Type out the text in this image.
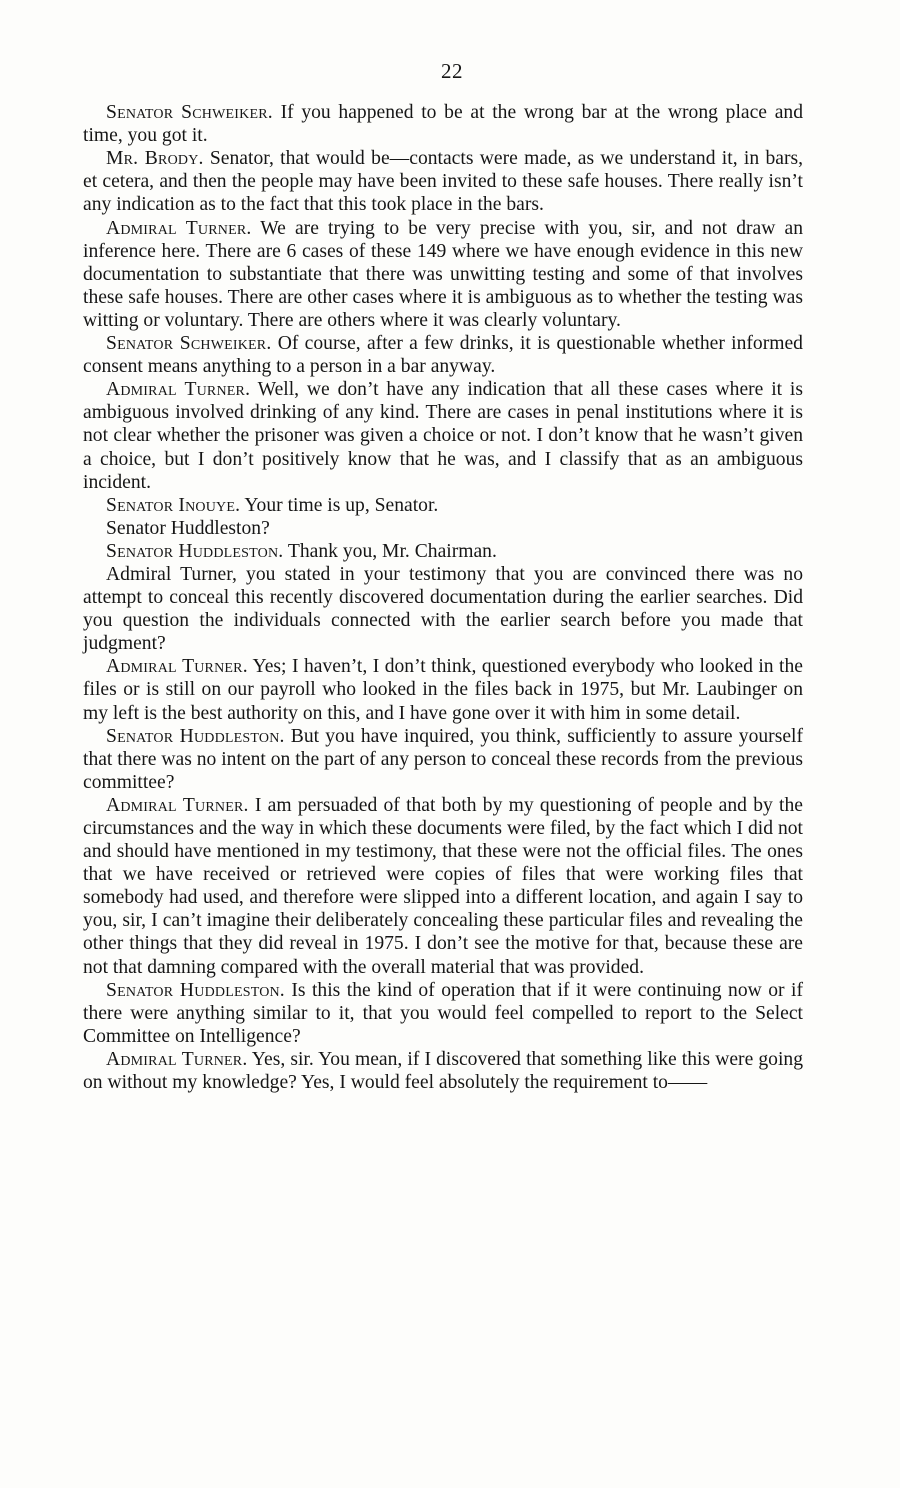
22

Senator Schweiker. If you happened to be at the wrong bar at the wrong place and time, you got it.

Mr. Brody. Senator, that would be—contacts were made, as we understand it, in bars, et cetera, and then the people may have been invited to these safe houses. There really isn’t any indication as to the fact that this took place in the bars.

Admiral Turner. We are trying to be very precise with you, sir, and not draw an inference here. There are 6 cases of these 149 where we have enough evidence in this new documentation to substantiate that there was unwitting testing and some of that involves these safe houses. There are other cases where it is ambiguous as to whether the testing was witting or voluntary. There are others where it was clearly voluntary.

Senator Schweiker. Of course, after a few drinks, it is questionable whether informed consent means anything to a person in a bar anyway.

Admiral Turner. Well, we don’t have any indication that all these cases where it is ambiguous involved drinking of any kind. There are cases in penal institutions where it is not clear whether the prisoner was given a choice or not. I don’t know that he wasn’t given a choice, but I don’t positively know that he was, and I classify that as an ambiguous incident.

Senator Inouye. Your time is up, Senator.

Senator Huddleston?

Senator Huddleston. Thank you, Mr. Chairman.

Admiral Turner, you stated in your testimony that you are convinced there was no attempt to conceal this recently discovered documentation during the earlier searches. Did you question the individuals connected with the earlier search before you made that judgment?

Admiral Turner. Yes; I haven’t, I don’t think, questioned everybody who looked in the files or is still on our payroll who looked in the files back in 1975, but Mr. Laubinger on my left is the best authority on this, and I have gone over it with him in some detail.

Senator Huddleston. But you have inquired, you think, sufficiently to assure yourself that there was no intent on the part of any person to conceal these records from the previous committee?

Admiral Turner. I am persuaded of that both by my questioning of people and by the circumstances and the way in which these documents were filed, by the fact which I did not and should have mentioned in my testimony, that these were not the official files. The ones that we have received or retrieved were copies of files that were working files that somebody had used, and therefore were slipped into a different location, and again I say to you, sir, I can’t imagine their deliberately concealing these particular files and revealing the other things that they did reveal in 1975. I don’t see the motive for that, because these are not that damning compared with the overall material that was provided.

Senator Huddleston. Is this the kind of operation that if it were continuing now or if there were anything similar to it, that you would feel compelled to report to the Select Committee on Intelligence?

Admiral Turner. Yes, sir. You mean, if I discovered that something like this were going on without my knowledge? Yes, I would feel absolutely the requirement to——
